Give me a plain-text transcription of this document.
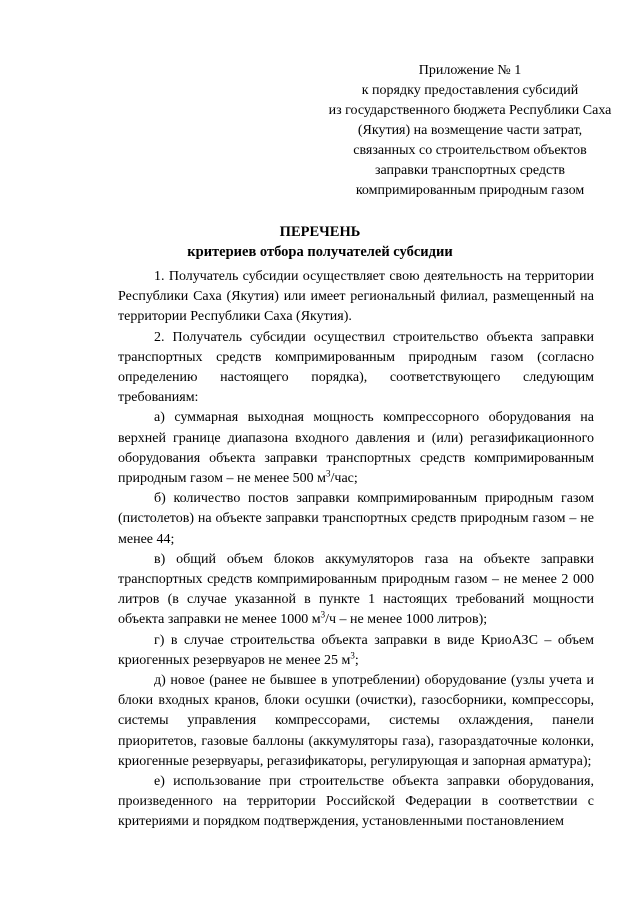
Приложение № 1
к порядку предоставления субсидий
из государственного бюджета Республики Саха
(Якутия) на возмещение части затрат,
связанных со строительством объектов
заправки транспортных средств
компримированным природным газом
ПЕРЕЧЕНЬ
критериев отбора получателей субсидии

1. Получатель субсидии осуществляет свою деятельность на территории Республики Саха (Якутия) или имеет региональный филиал, размещенный на территории Республики Саха (Якутия).

2. Получатель субсидии осуществил строительство объекта заправки транспортных средств компримированным природным газом (согласно определению настоящего порядка), соответствующего следующим требованиям:

а) суммарная выходная мощность компрессорного оборудования на верхней границе диапазона входного давления и (или) регазификационного оборудования объекта заправки транспортных средств компримированным природным газом – не менее 500 $м^3$/час;

б) количество постов заправки компримированным природным газом (пистолетов) на объекте заправки транспортных средств природным газом – не менее 44;

в) общий объем блоков аккумуляторов газа на объекте заправки транспортных средств компримированным природным газом – не менее 2 000 литров (в случае указанной в пункте 1 настоящих требований мощности объекта заправки не менее 1000 $м^3/ч$ – не менее 1000 литров);

г) в случае строительства объекта заправки в виде КриоАЗС – объем криогенных резервуаров не менее 25 $м^3$;

д) новое (ранее не бывшее в употреблении) оборудование (узлы учета и блоки входных кранов, блоки осушки (очистки), газосборники, компрессоры, системы управления компрессорами, системы охлаждения, панели приоритетов, газовые баллоны (аккумуляторы газа), газораздаточные колонки, криогенные резервуары, регазификаторы, регулирующая и запорная арматура);

е) использование при строительстве объекта заправки оборудования, произведенного на территории Российской Федерации в соответствии с критериями и порядком подтверждения, установленными постановлением
